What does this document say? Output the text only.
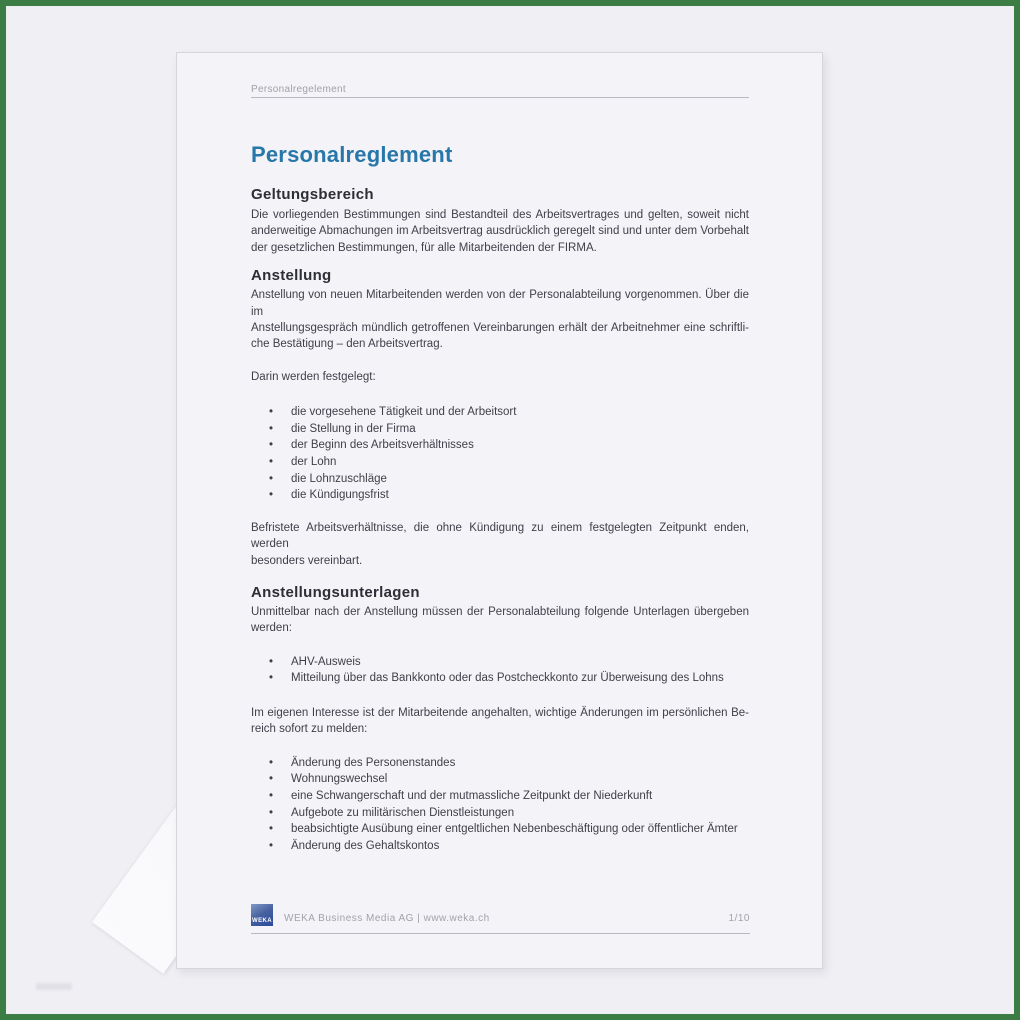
Personalregelement
Personalreglement
Geltungsbereich
Die vorliegenden Bestimmungen sind Bestandteil des Arbeitsvertrages und gelten, soweit nicht
anderweitige Abmachungen im Arbeitsvertrag ausdrücklich geregelt sind und unter dem Vorbehalt
der gesetzlichen Bestimmungen, für alle Mitarbeitenden der FIRMA.
Anstellung
Anstellung von neuen Mitarbeitenden werden von der Personalabteilung vorgenommen. Über die im
Anstellungsgespräch mündlich getroffenen Vereinbarungen erhält der Arbeitnehmer eine schriftli-
che Bestätigung – den Arbeitsvertrag.
Darin werden festgelegt:
• die vorgesehene Tätigkeit und der Arbeitsort
• die Stellung in der Firma
• der Beginn des Arbeitsverhältnisses
• der Lohn
• die Lohnzuschläge
• die Kündigungsfrist
Befristete Arbeitsverhältnisse, die ohne Kündigung zu einem festgelegten Zeitpunkt enden, werden
besonders vereinbart.
Anstellungsunterlagen
Unmittelbar nach der Anstellung müssen der Personalabteilung folgende Unterlagen übergeben
werden:
• AHV-Ausweis
• Mitteilung über das Bankkonto oder das Postcheckkonto zur Überweisung des Lohns
Im eigenen Interesse ist der Mitarbeitende angehalten, wichtige Änderungen im persönlichen Be-
reich sofort zu melden:
• Änderung des Personenstandes
• Wohnungswechsel
• eine Schwangerschaft und der mutmassliche Zeitpunkt der Niederkunft
• Aufgebote zu militärischen Dienstleistungen
• beabsichtigte Ausübung einer entgeltlichen Nebenbeschäftigung oder öffentlicher Ämter
• Änderung des Gehaltskontos
WEKA WEKA Business Media AG | www.weka.ch	1/10
